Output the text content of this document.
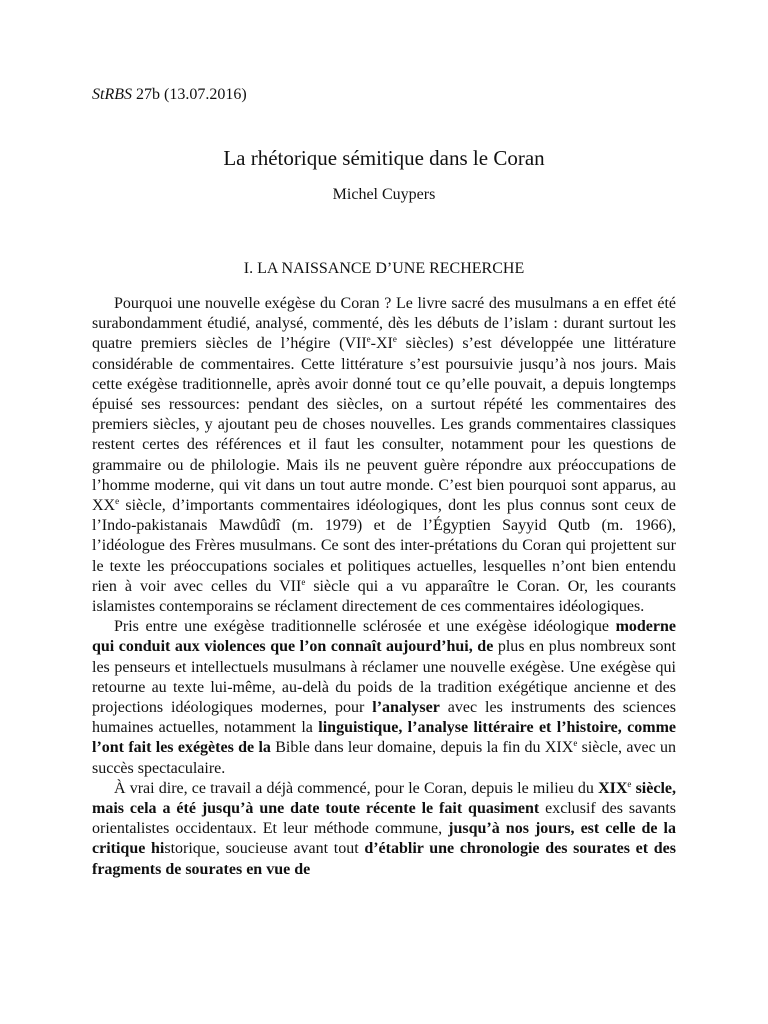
StRBS 27b (13.07.2016)
La rhétorique sémitique dans le Coran
Michel Cuypers
I. LA NAISSANCE D’UNE RECHERCHE

Pourquoi une nouvelle exégèse du Coran ? Le livre sacré des musulmans a en effet été surabondamment étudié, analysé, commenté, dès les débuts de l’islam : durant surtout les quatre premiers siècles de l’hégire (VIIe-XIe siècles) s’est développée une littérature considérable de commentaires. Cette littérature s’est poursuivie jusqu’à nos jours. Mais cette exégèse traditionnelle, après avoir donné tout ce qu’elle pouvait, a depuis longtemps épuisé ses ressources: pendant des siècles, on a surtout répété les commentaires des premiers siècles, y ajoutant peu de choses nouvelles. Les grands commentaires classiques restent certes des références et il faut les consulter, notamment pour les questions de grammaire ou de philologie. Mais ils ne peuvent guère répondre aux préoccupations de l’homme moderne, qui vit dans un tout autre monde. C’est bien pourquoi sont apparus, au XXe siècle, d’importants commentaires idéologiques, dont les plus connus sont ceux de l’Indo-pakistanais Mawdûdî (m. 1979) et de l’Égyptien Sayyid Qutb (m. 1966), l’idéologue des Frères musulmans. Ce sont des inter-prétations du Coran qui projettent sur le texte les préoccupations sociales et politiques actuelles, lesquelles n’ont bien entendu rien à voir avec celles du VIIe siècle qui a vu apparaître le Coran. Or, les courants islamistes contemporains se réclament directement de ces commentaires idéologiques.

Pris entre une exégèse traditionnelle sclérosée et une exégèse idéologique moderne qui conduit aux violences que l’on connaît aujourd’hui, de plus en plus nombreux sont les penseurs et intellectuels musulmans à réclamer une nouvelle exégèse. Une exégèse qui retourne au texte lui-même, au-delà du poids de la tradition exégétique ancienne et des projections idéologiques modernes, pour l’analyser avec les instruments des sciences humaines actuelles, notamment la linguistique, l’analyse littéraire et l’histoire, comme l’ont fait les exégètes de la Bible dans leur domaine, depuis la fin du XIXe siècle, avec un succès spectaculaire.

À vrai dire, ce travail a déjà commencé, pour le Coran, depuis le milieu du XIXe siècle, mais cela a été jusqu’à une date toute récente le fait quasiment exclusif des savants orientalistes occidentaux. Et leur méthode commune, jusqu’à nos jours, est celle de la critique historique, soucieuse avant tout d’établir une chronologie des sourates et des fragments de sourates en vue de
